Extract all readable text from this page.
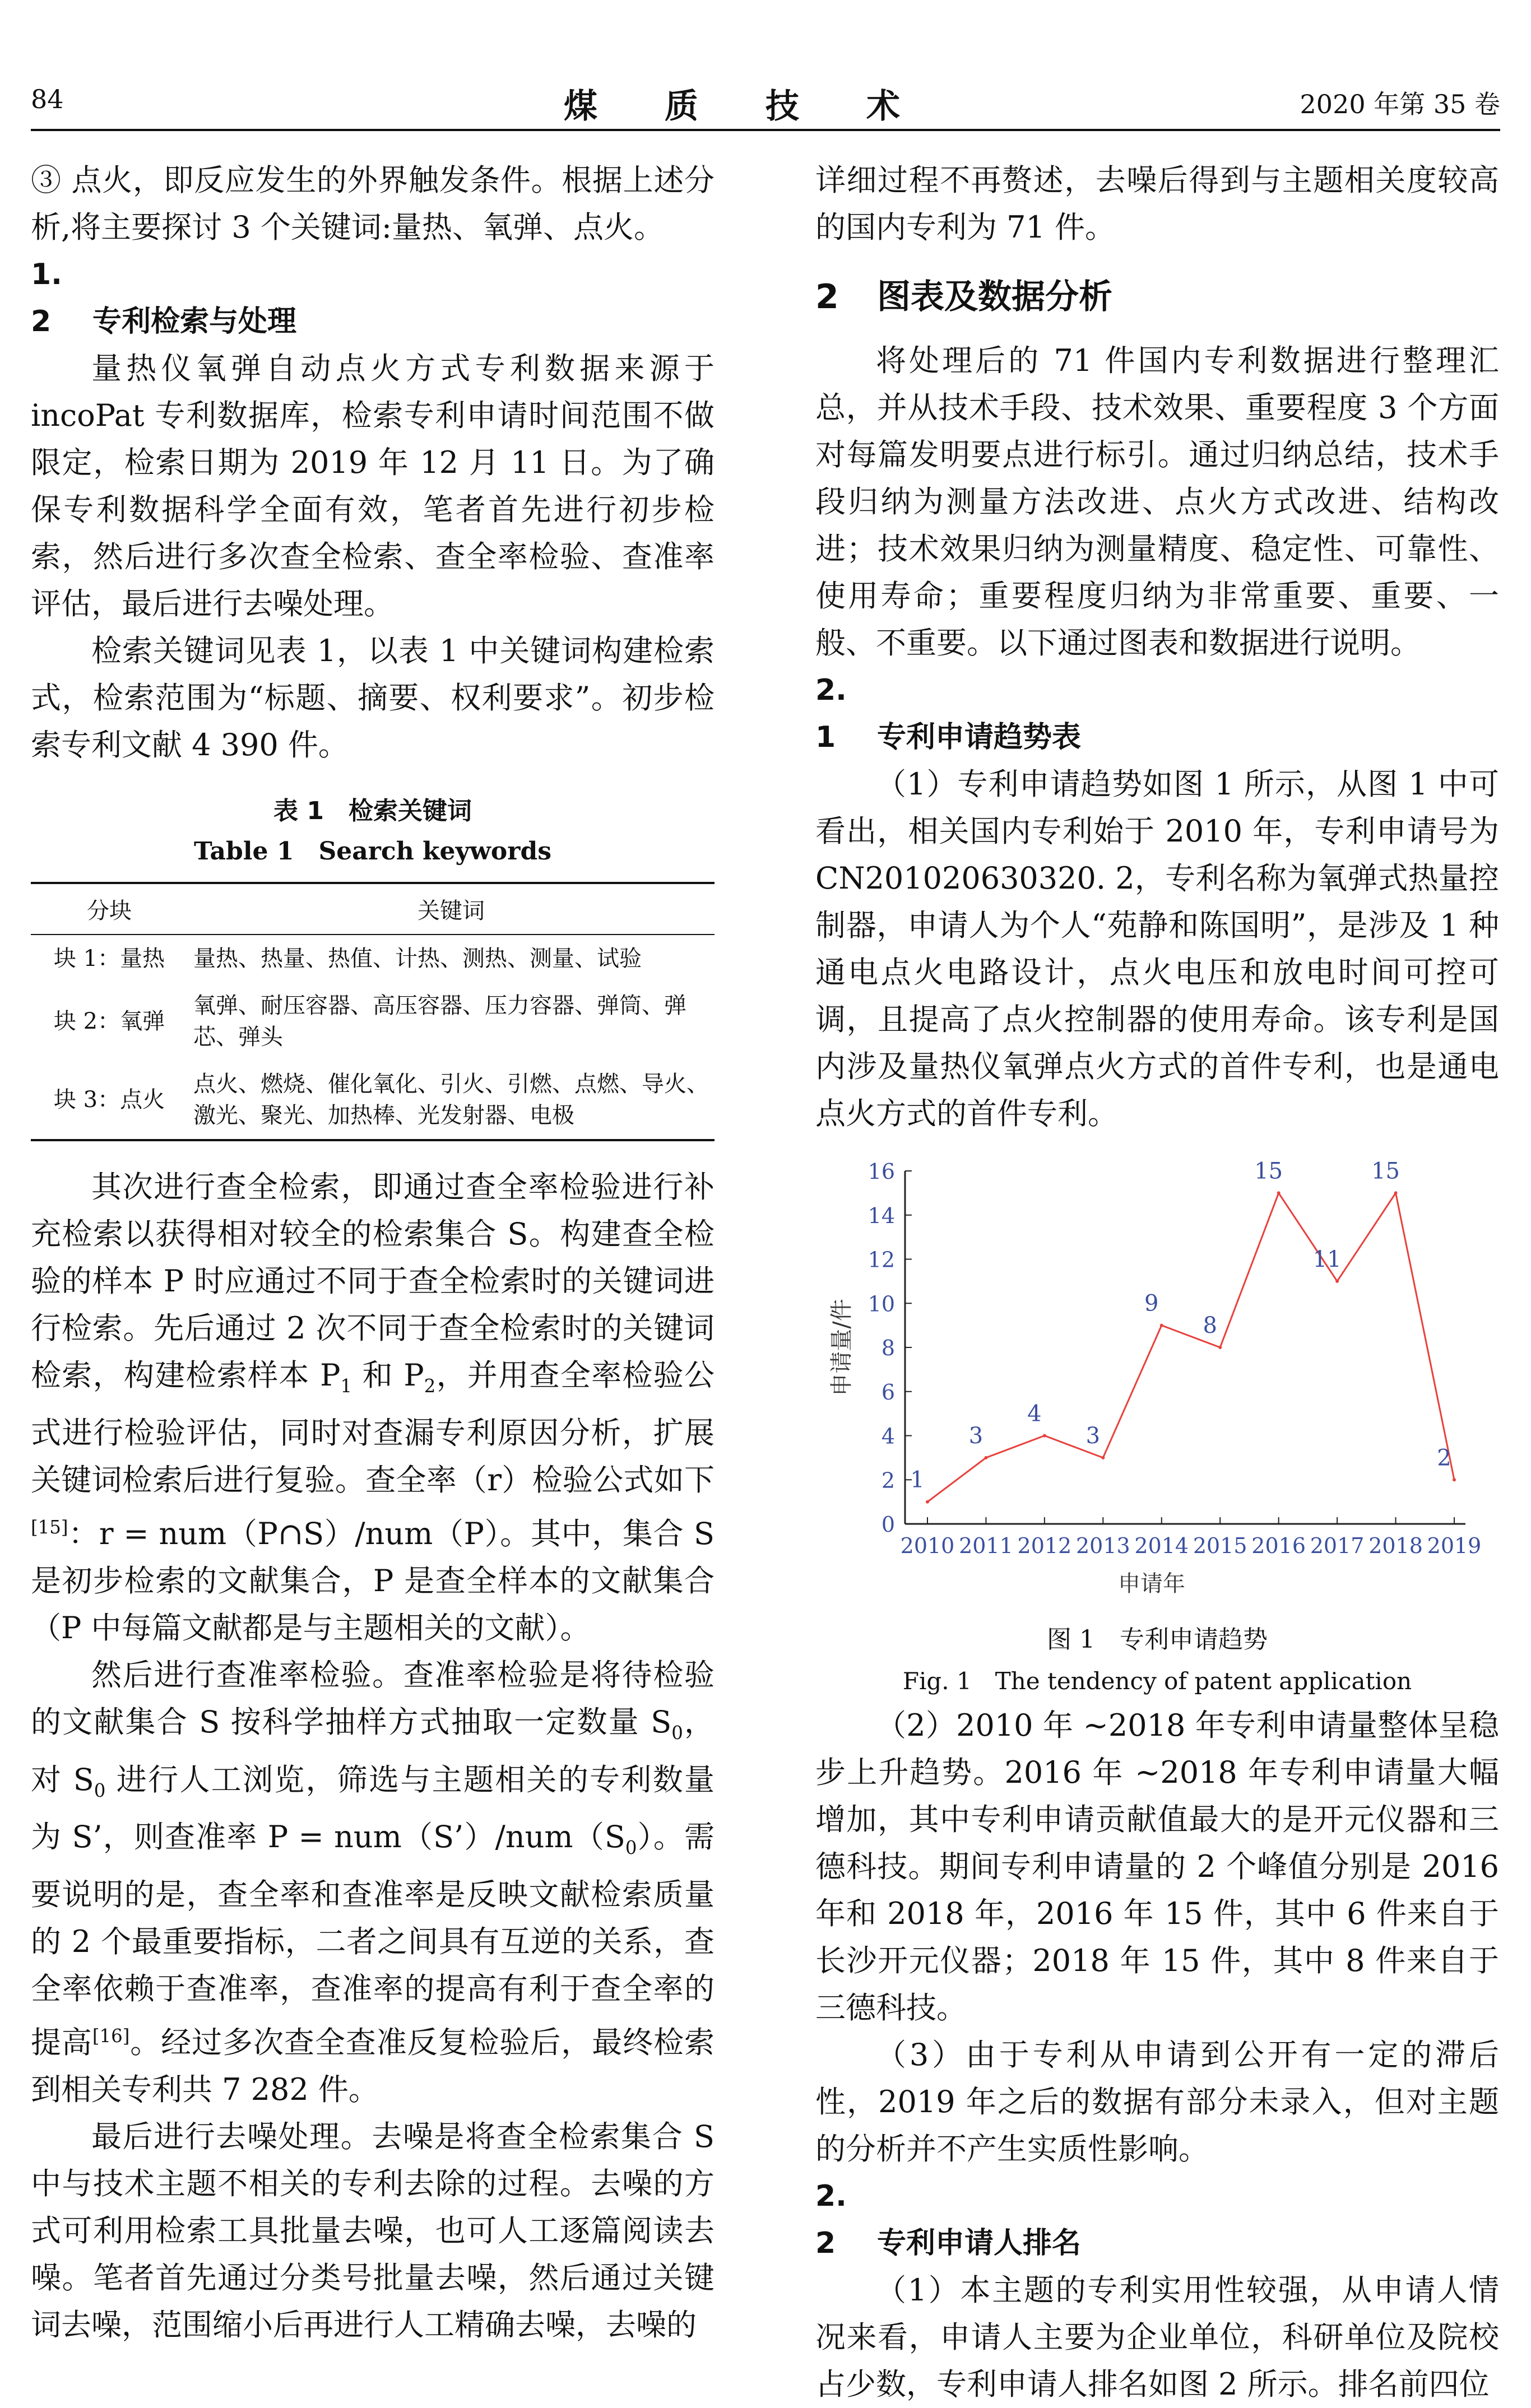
84	煤质技术	2020 年第 35 卷

③ 点火，即反应发生的外界触发条件。根据上述分析,将主要探讨 3 个关键词:量热、氧弹、点火。

1. 2 专利检索与处理

量热仪氧弹自动点火方式专利数据来源于 incoPat 专利数据库，检索专利申请时间范围不做限定，检索日期为 2019 年 12 月 11 日。为了确保专利数据科学全面有效，笔者首先进行初步检索，然后进行多次查全检索、查全率检验、查准率评估，最后进行去噪处理。

检索关键词见表 1，以表 1 中关键词构建检索式，检索范围为“标题、摘要、权利要求”。初步检索专利文献 4 390 件。

表 1　检索关键词
Table 1　Search keywords
分块	关键词
块 1：量热	量热、热量、热值、计热、测热、测量、试验
块 2：氧弹	氧弹、耐压容器、高压容器、压力容器、弹筒、弹芯、弹头
块 3：点火	点火、燃烧、催化氧化、引火、引燃、点燃、导火、激光、聚光、加热棒、光发射器、电极

其次进行查全检索，即通过查全率检验进行补充检索以获得相对较全的检索集合 S。构建查全检验的样本 P 时应通过不同于查全检索时的关键词进行检索。先后通过 2 次不同于查全检索时的关键词检索，构建检索样本 $P_1$ 和 $P_2$，并用查全率检验公式进行检验评估，同时对查漏专利原因分析，扩展关键词检索后进行复验。查全率（r）检验公式如下[15]：r = num（P∩S）/num（P）。其中，集合 S 是初步检索的文献集合，P 是查全样本的文献集合（P 中每篇文献都是与主题相关的文献）。

然后进行查准率检验。查准率检验是将待检验的文献集合 S 按科学抽样方式抽取一定数量 $S_0$，对 $S_0$ 进行人工浏览，筛选与主题相关的专利数量为 S’，则查准率 $P = num(S’)/num(S_0)$。需要说明的是，查全率和查准率是反映文献检索质量的 2 个最重要指标，二者之间具有互逆的关系，查全率依赖于查准率，查准率的提高有利于查全率的提高[16]。经过多次查全查准反复检验后，最终检索到相关专利共 7 282 件。

最后进行去噪处理。去噪是将查全检索集合 S 中与技术主题不相关的专利去除的过程。去噪的方式可利用检索工具批量去噪，也可人工逐篇阅读去噪。笔者首先通过分类号批量去噪，然后通过关键词去噪，范围缩小后再进行人工精确去噪，去噪的

详细过程不再赘述，去噪后得到与主题相关度较高的国内专利为 71 件。

2 图表及数据分析

将处理后的 71 件国内专利数据进行整理汇总，并从技术手段、技术效果、重要程度 3 个方面对每篇发明要点进行标引。通过归纳总结，技术手段归纳为测量方法改进、点火方式改进、结构改进；技术效果归纳为测量精度、稳定性、可靠性、使用寿命；重要程度归纳为非常重要、重要、一般、不重要。以下通过图表和数据进行说明。

2. 1 专利申请趋势表

（1）专利申请趋势如图 1 所示，从图 1 中可看出，相关国内专利始于 2010 年，专利申请号为 CN201020630320. 2，专利名称为氧弹式热量控制器，申请人为个人“苑静和陈国明”，是涉及 1 种通电点火电路设计，点火电压和放电时间可控可调，且提高了点火控制器的使用寿命。该专利是国内涉及量热仪氧弹点火方式的首件专利，也是通电点火方式的首件专利。

0
2
4
6
8
10
12
14
16
2010 2011 2012 2013 2014 2015 2016 2017 2018 2019
申请年
申请量/件
1
3
4
3
9
8
15
11
15
2
图 1　专利申请趋势
Fig. 1　The tendency of patent application

（2）2010 年 ~2018 年专利申请量整体呈稳步上升趋势。2016 年 ~2018 年专利申请量大幅增加，其中专利申请贡献值最大的是开元仪器和三德科技。期间专利申请量的 2 个峰值分别是 2016 年和 2018 年，2016 年 15 件，其中 6 件来自于长沙开元仪器；2018 年 15 件，其中 8 件来自于三德科技。

（3）由于专利从申请到公开有一定的滞后性，2019 年之后的数据有部分未录入，但对主题的分析并不产生实质性影响。

2. 2 专利申请人排名

（1）本主题的专利实用性较强，从申请人情况来看，申请人主要为企业单位，科研单位及院校占少数，专利申请人排名如图 2 所示。排名前四位
